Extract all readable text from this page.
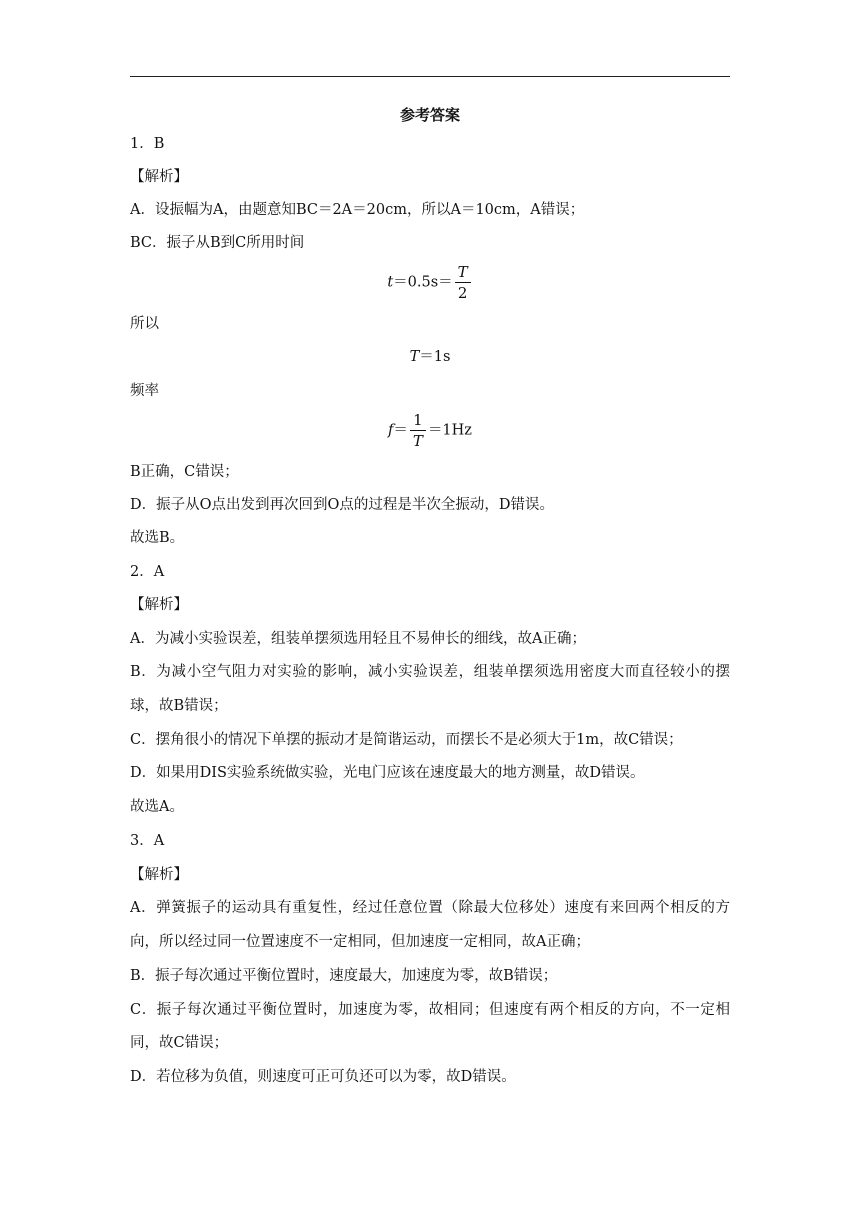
参考答案
1．B
【解析】
A．设振幅为A，由题意知BC＝2A＝20cm，所以A＝10cm，A错误；
BC．振子从B到C所用时间
$t=0.5s= \frac{T}{2}$
所以
T＝1s
频率
$f= \frac{1}{T} =1Hz$
B正确，C错误；
D．振子从O点出发到再次回到O点的过程是半次全振动，D错误。
故选B。
2．A
【解析】
A．为减小实验误差，组装单摆须选用轻且不易伸长的细线，故A正确；
B．为减小空气阻力对实验的影响，减小实验误差，组装单摆须选用密度大而直径较小的摆
球，故B错误；
C．摆角很小的情况下单摆的振动才是简谐运动，而摆长不是必须大于1m，故C错误；
D．如果用DIS实验系统做实验，光电门应该在速度最大的地方测量，故D错误。
故选A。
3．A
【解析】
A．弹簧振子的运动具有重复性，经过任意位置（除最大位移处）速度有来回两个相反的方
向，所以经过同一位置速度不一定相同，但加速度一定相同，故A正确；
B．振子每次通过平衡位置时，速度最大，加速度为零，故B错误；
C．振子每次通过平衡位置时，加速度为零，故相同；但速度有两个相反的方向，不一定相
同，故C错误；
D．若位移为负值，则速度可正可负还可以为零，故D错误。
